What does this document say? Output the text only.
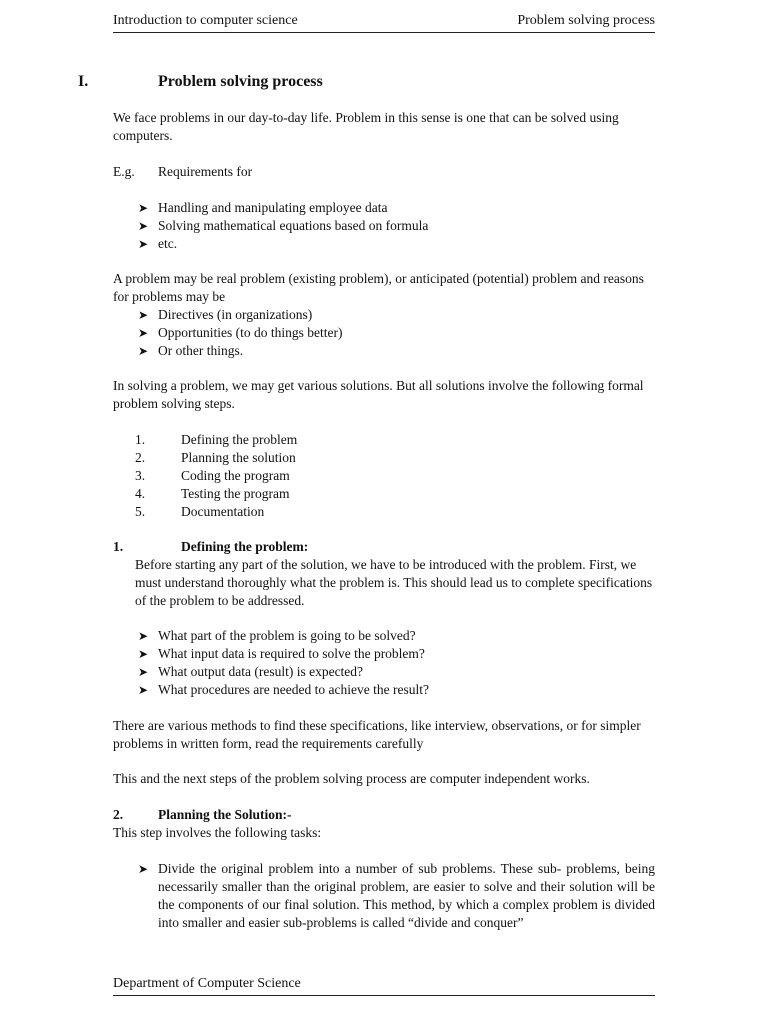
Introduction to computer science	Problem solving process
I.	Problem solving process
We face problems in our day-to-day life. Problem in this sense is one that can be solved using computers.
E.g. Requirements for
➤ Handling and manipulating employee data
➤ Solving mathematical equations based on formula
➤ etc.
A problem may be real problem (existing problem), or anticipated (potential) problem and reasons for problems may be
➤ Directives (in organizations)
➤ Opportunities (to do things better)
➤ Or other things.
In solving a problem, we may get various solutions. But all solutions involve the following formal problem solving steps.
1.	Defining the problem
2.	Planning the solution
3.	Coding the program
4.	Testing the program
5.	Documentation
1.	Defining the problem:
Before starting any part of the solution, we have to be introduced with the problem. First, we must understand thoroughly what the problem is. This should lead us to complete specifications of the problem to be addressed.
➤ What part of the problem is going to be solved?
➤ What input data is required to solve the problem?
➤ What output data (result) is expected?
➤ What procedures are needed to achieve the result?
There are various methods to find these specifications, like interview, observations, or for simpler problems in written form, read the requirements carefully
This and the next steps of the problem solving process are computer independent works.
2.	Planning the Solution:-
This step involves the following tasks:
➤ Divide the original problem into a number of sub problems. These sub- problems, being necessarily smaller than the original problem, are easier to solve and their solution will be the components of our final solution. This method, by which a complex problem is divided into smaller and easier sub-problems is called “divide and conquer”
Department of Computer Science
